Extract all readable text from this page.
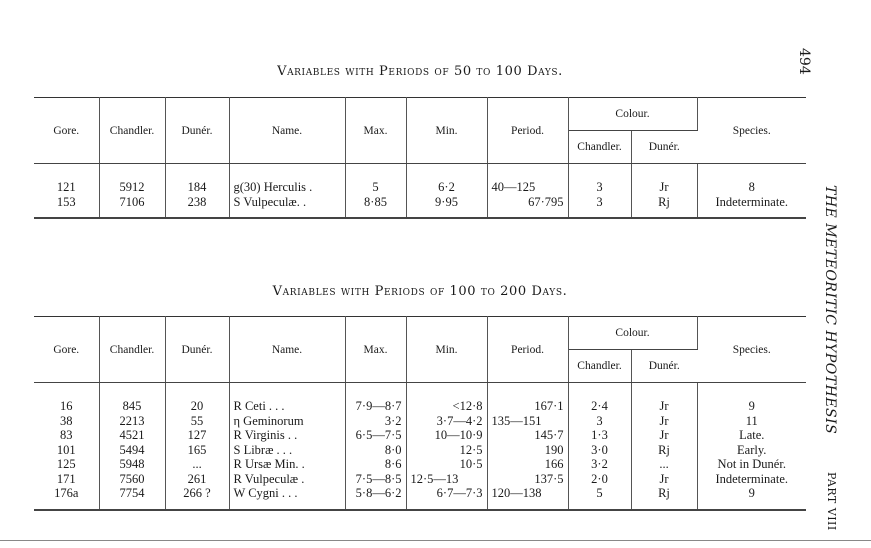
494
THE METEORITIC HYPOTHESIS
PART VIII
Variables with Periods of 50 to 100 Days.
Gore.	Chandler.	Dunér.	Name.	Max.	Min.	Period.	Colour.		Species.
							Chandler.	Dunér.	

121	5912	184	g(30) Herculis .	5	6·2	40—125	3	Jr	8
153	7106	238	S Vulpeculæ. .	8·85	9·95	67·795	3	Rj	Indeterminate.

Variables with Periods of 100 to 200 Days.
Gore.	Chandler.	Dunér.	Name.	Max.	Min.	Period.	Colour.		Species.
							Chandler.	Dunér.	

16	845	20	R Ceti . . .	7·9—8·7	<12·8	167·1	2·4	Jr	9
38	2213	55	η Geminorum	3·2	3·7—4·2	135—151	3	Jr	11
83	4521	127	R Virginis . .	6·5—7·5	10—10·9	145·7	1·3	Jr	Late.
101	5494	165	S Libræ . . .	8·0	12·5	190	3·0	Rj	Early.
125	5948	...	R Ursæ Min. .	8·6	10·5	166	3·2	...	Not in Dunér.
171	7560	261	R Vulpeculæ .	7·5—8·5	12·5—13	137·5	2·0	Jr	Indeterminate.
176a	7754	266 ?	W Cygni . . .	5·8—6·2	6·7—7·3	120—138	5	Rj	9
